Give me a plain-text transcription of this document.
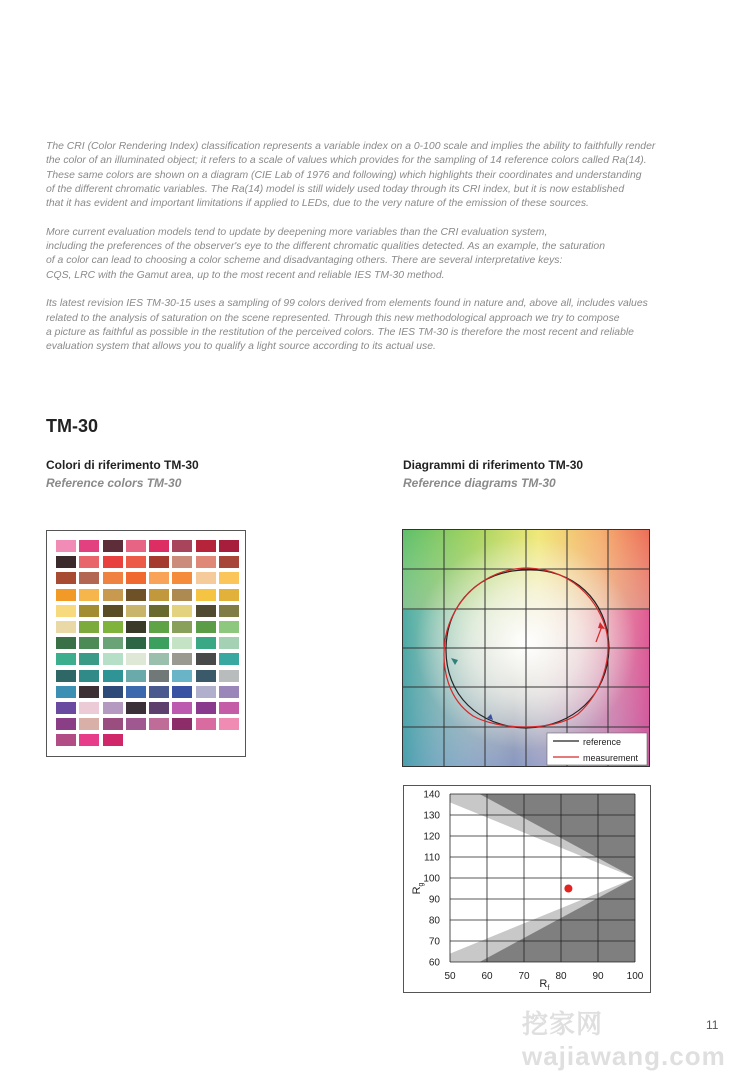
The CRI (Color Rendering Index) classification represents a variable index on a 0-100 scale and implies the ability to faithfully render
the color of an illuminated object; it refers to a scale of values which provides for the sampling of 14 reference colors called Ra(14).
These same colors are shown on a diagram (CIE Lab of 1976 and following) which highlights their coordinates and understanding
of the different chromatic variables. The Ra(14) model is still widely used today through its CRI index, but it is now established
that it has evident and important limitations if applied to LEDs, due to the very nature of the emission of these sources.

More current evaluation models tend to update by deepening more variables than the CRI evaluation system,
including the preferences of the observer's eye to the different chromatic qualities detected. As an example, the saturation
of a color can lead to choosing a color scheme and disadvantaging others. There are several interpretative keys:
CQS, LRC with the Gamut area, up to the most recent and reliable IES TM-30 method.

Its latest revision IES TM-30-15 uses a sampling of 99 colors derived from elements found in nature and, above all, includes values
related to the analysis of saturation on the scene represented. Through this new methodological approach we try to compose
a picture as faithful as possible in the restitution of the perceived colors. The IES TM-30 is therefore the most recent and reliable
evaluation system that allows you to qualify a light source according to its actual use.

TM-30
Colori di riferimento TM-30
Reference colors TM-30
Diagrammi di riferimento TM-30
Reference diagrams TM-30
reference
measurement
50	60	70	80	90 100
140
130
120
110
100
90
80
70
60
$R_f$
$R_g$
挖家网 wajiawang.com
11
